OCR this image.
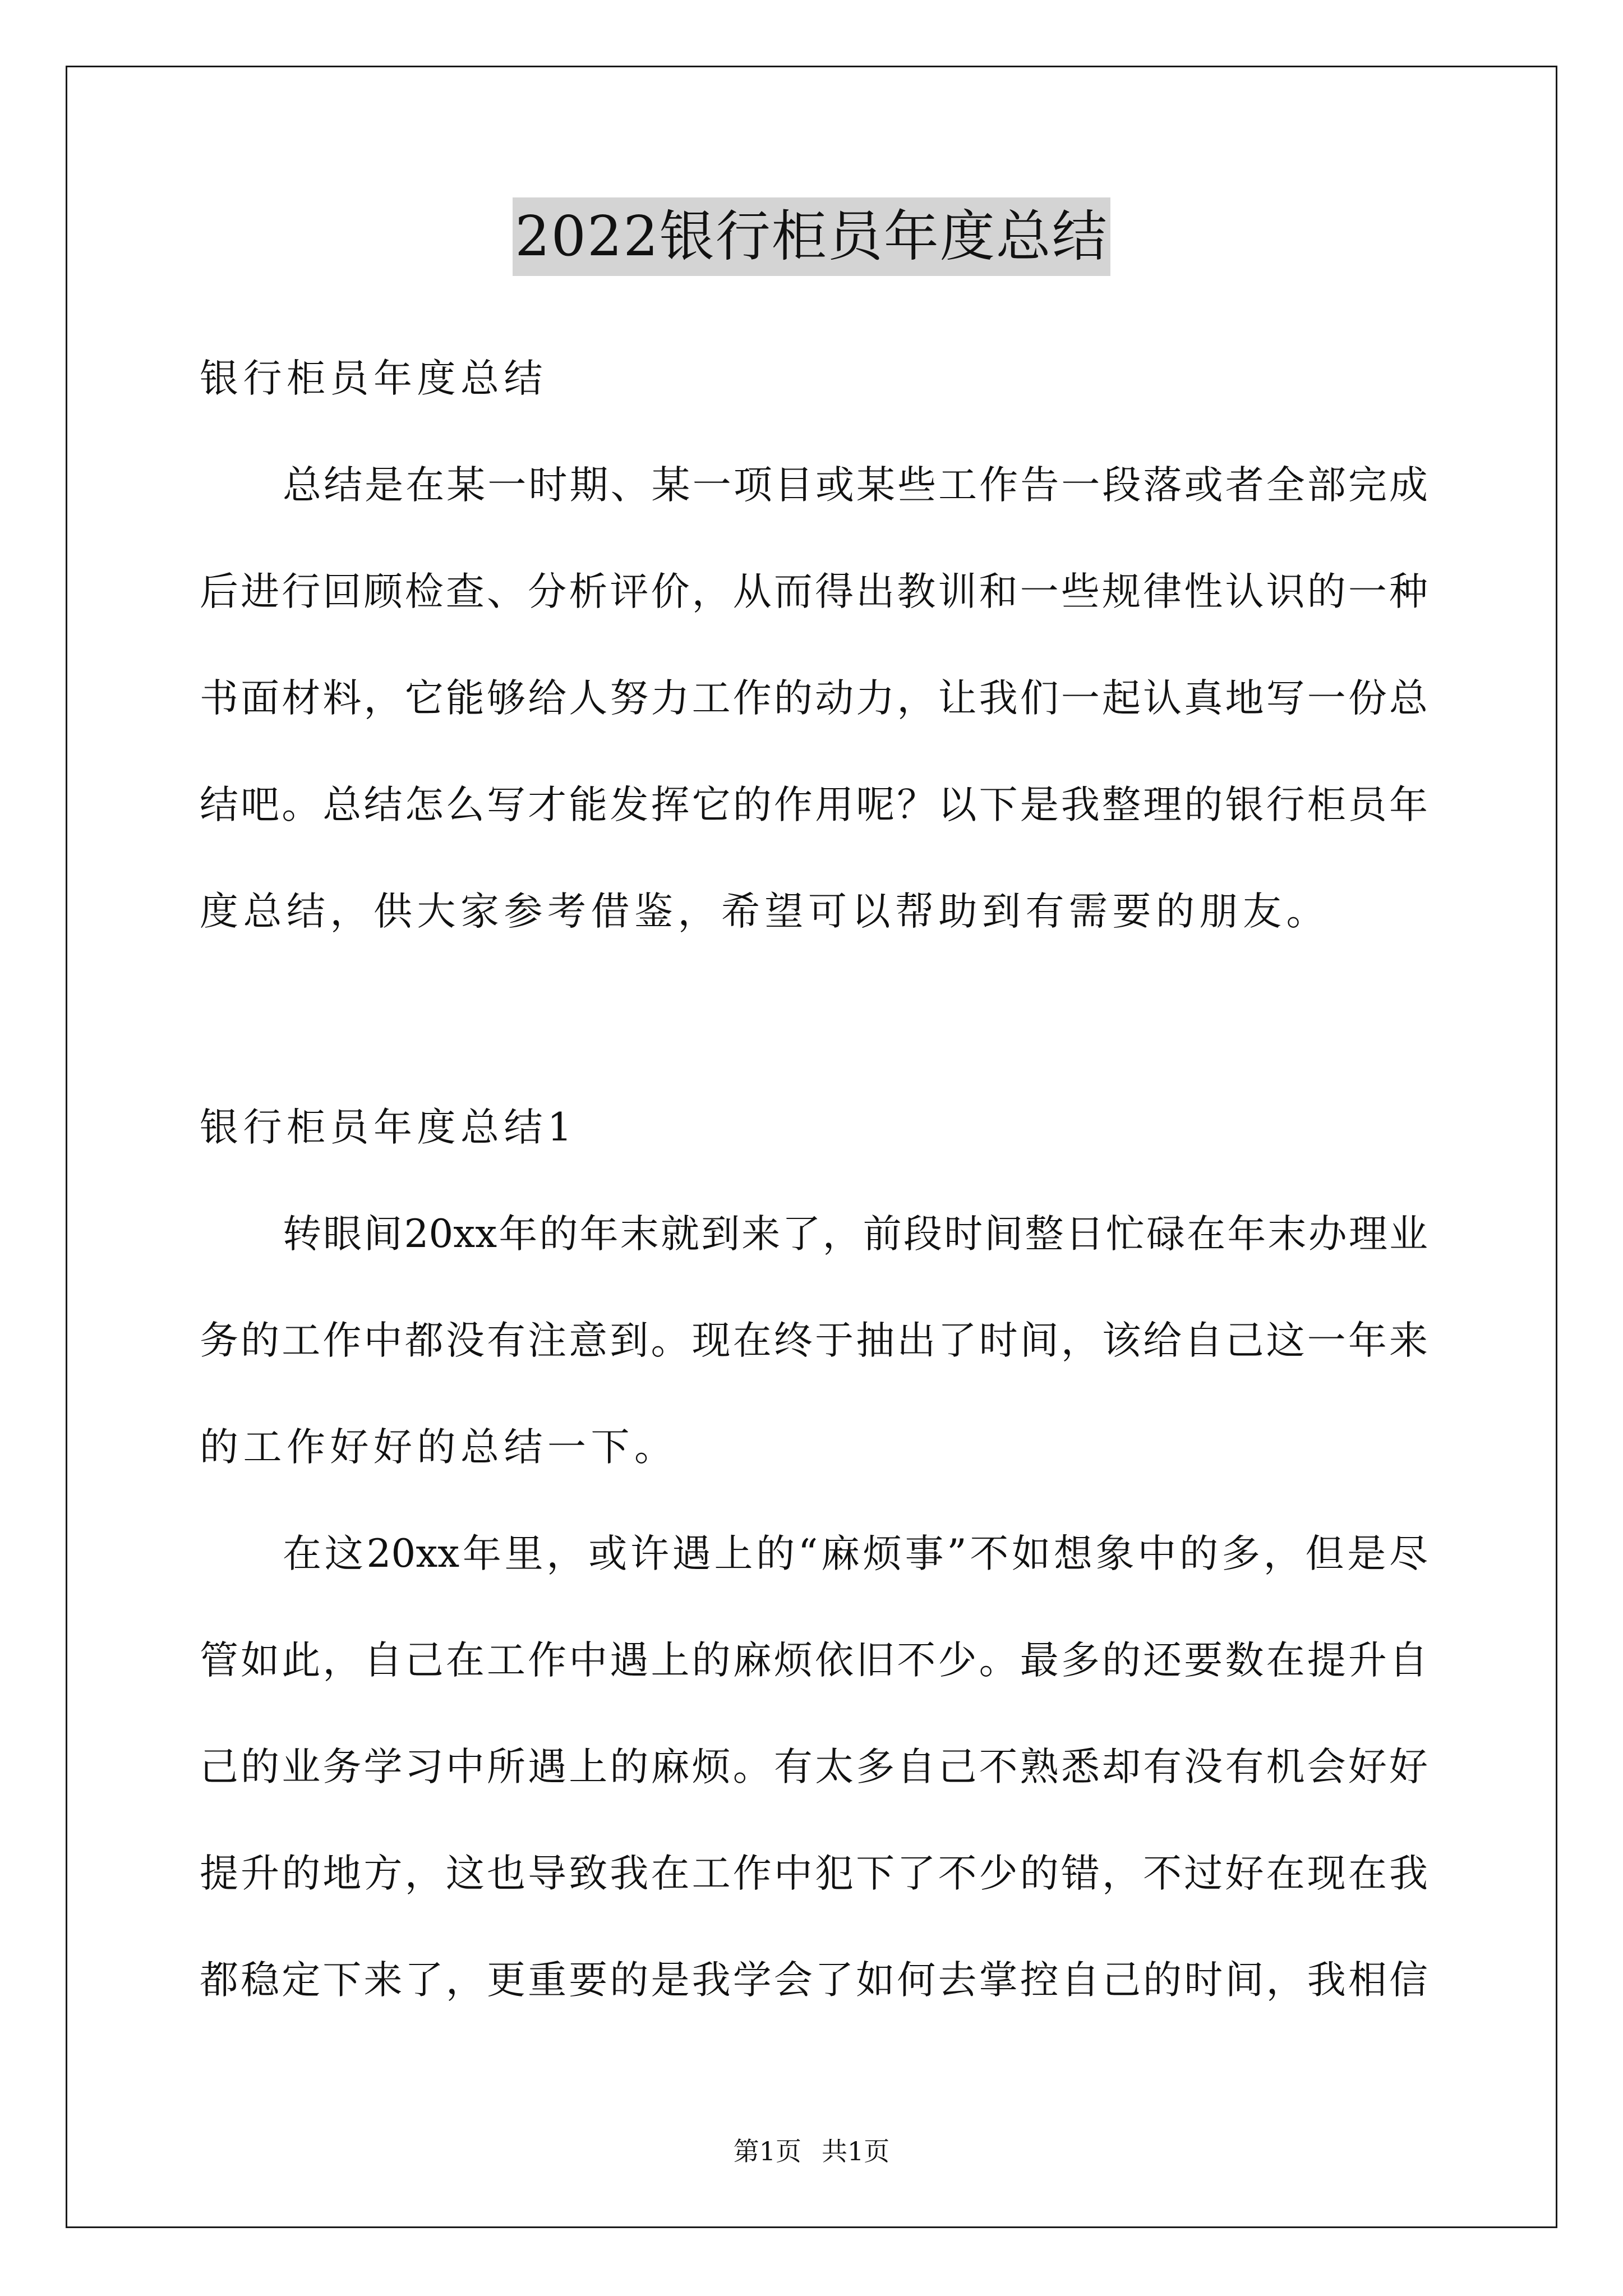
2022银行柜员年度总结
银行柜员年度总结
总结是在某一时期、某一项目或某些工作告一段落或者全部完成
后进行回顾检查、分析评价，从而得出教训和一些规律性认识的一种
书面材料，它能够给人努力工作的动力，让我们一起认真地写一份总
结吧。总结怎么写才能发挥它的作用呢？以下是我整理的银行柜员年
度总结，供大家参考借鉴，希望可以帮助到有需要的朋友。
银行柜员年度总结1
转眼间20xx年的年末就到来了，前段时间整日忙碌在年末办理业
务的工作中都没有注意到。现在终于抽出了时间，该给自己这一年来
的工作好好的总结一下。
在这20xx年里，或许遇上的“麻烦事”不如想象中的多，但是尽
管如此，自己在工作中遇上的麻烦依旧不少。最多的还要数在提升自
己的业务学习中所遇上的麻烦。有太多自己不熟悉却有没有机会好好
提升的地方，这也导致我在工作中犯下了不少的错，不过好在现在我
都稳定下来了，更重要的是我学会了如何去掌控自己的时间，我相信
第1页 共1页
